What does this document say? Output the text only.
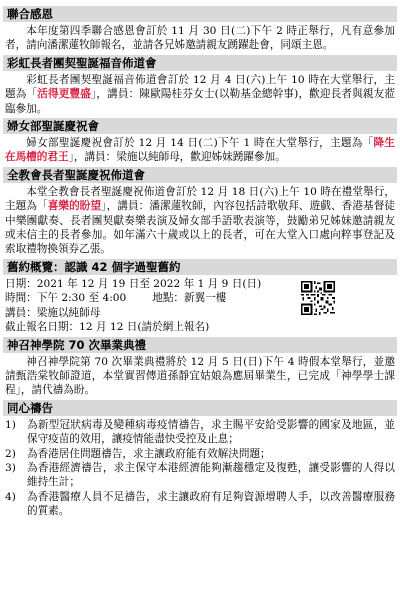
聯合感恩

本年度第四季聯合感恩會訂於 11 月 30 日(二)下午 2 時正舉行，凡有意參加者，請向潘潔蓮牧師報名，並請各兄姊邀請親友踴躍赴會，同頌主恩。

彩虹長者團契聖誕福音佈道會

彩虹長者團契聖誕福音佈道會訂於 12 月 4 日(六)上午 10 時在大堂舉行，主題為「活得更豐盛」，講員：陳歐陽桂芬女士(以勒基金總幹事)，歡迎長者與親友蒞臨參加。

婦女部聖誕慶祝會

婦女部聖誕慶祝會訂於 12 月 14 日(二)下午 1 時在大堂舉行，主題為「降生在馬槽的君王」，講員：梁施以純師母，歡迎姊妹踴躍參加。

全教會長者聖誕慶祝佈道會

本堂全教會長者聖誕慶祝佈道會訂於 12 月 18 日(六)上午 10 時在禮堂舉行，主題為「喜樂的盼望」，講員：潘潔蓮牧師，內容包括詩歌敬拜、遊戲、香港基督徒中樂團獻奏、長者團契獻奏樂表演及婦女部手語歌表演等，鼓勵弟兄姊妹邀請親友或未信主的長者參加。如年滿六十歲或以上的長者，可在大堂入口處向粹事登記及索取禮物換領券乙張。

舊約概覽：認識 42 個字過聖舊約

日期：2021 年 12 月 19 日至 2022 年 1 月 9 日(日)

時間：下午 2:30 至 4:00 地點：新翼一樓

講員：梁施以純師母

截止報名日期：12 月 12 日(請於網上報名)

神召神學院 70 次畢業典禮

神召神學院第 70 次畢業典禮將於 12 月 5 日(日)下午 4 時假本堂舉行，並邀請甄浩棠牧師證道，本堂實習傳道孫靜宜姑娘為應屆畢業生，已完成「神學學士課程」，請代禱為盼。

同心禱告
1)	為新型冠狀病毒及變種病毒疫情禱告，求主賜平安給受影響的國家及地區，並保守疫苗的效用，讓疫情能盡快受控及止息；
2)	為香港居住問題禱告，求主讓政府能有效解決問題；
3)	為香港經濟禱告，求主保守本港經濟能夠漸趨穩定及復甦，讓受影響的人得以維持生計；
4)	為香港醫療人員不足禱告，求主讓政府有足夠資源增聘人手，以改善醫療服務的質素。
